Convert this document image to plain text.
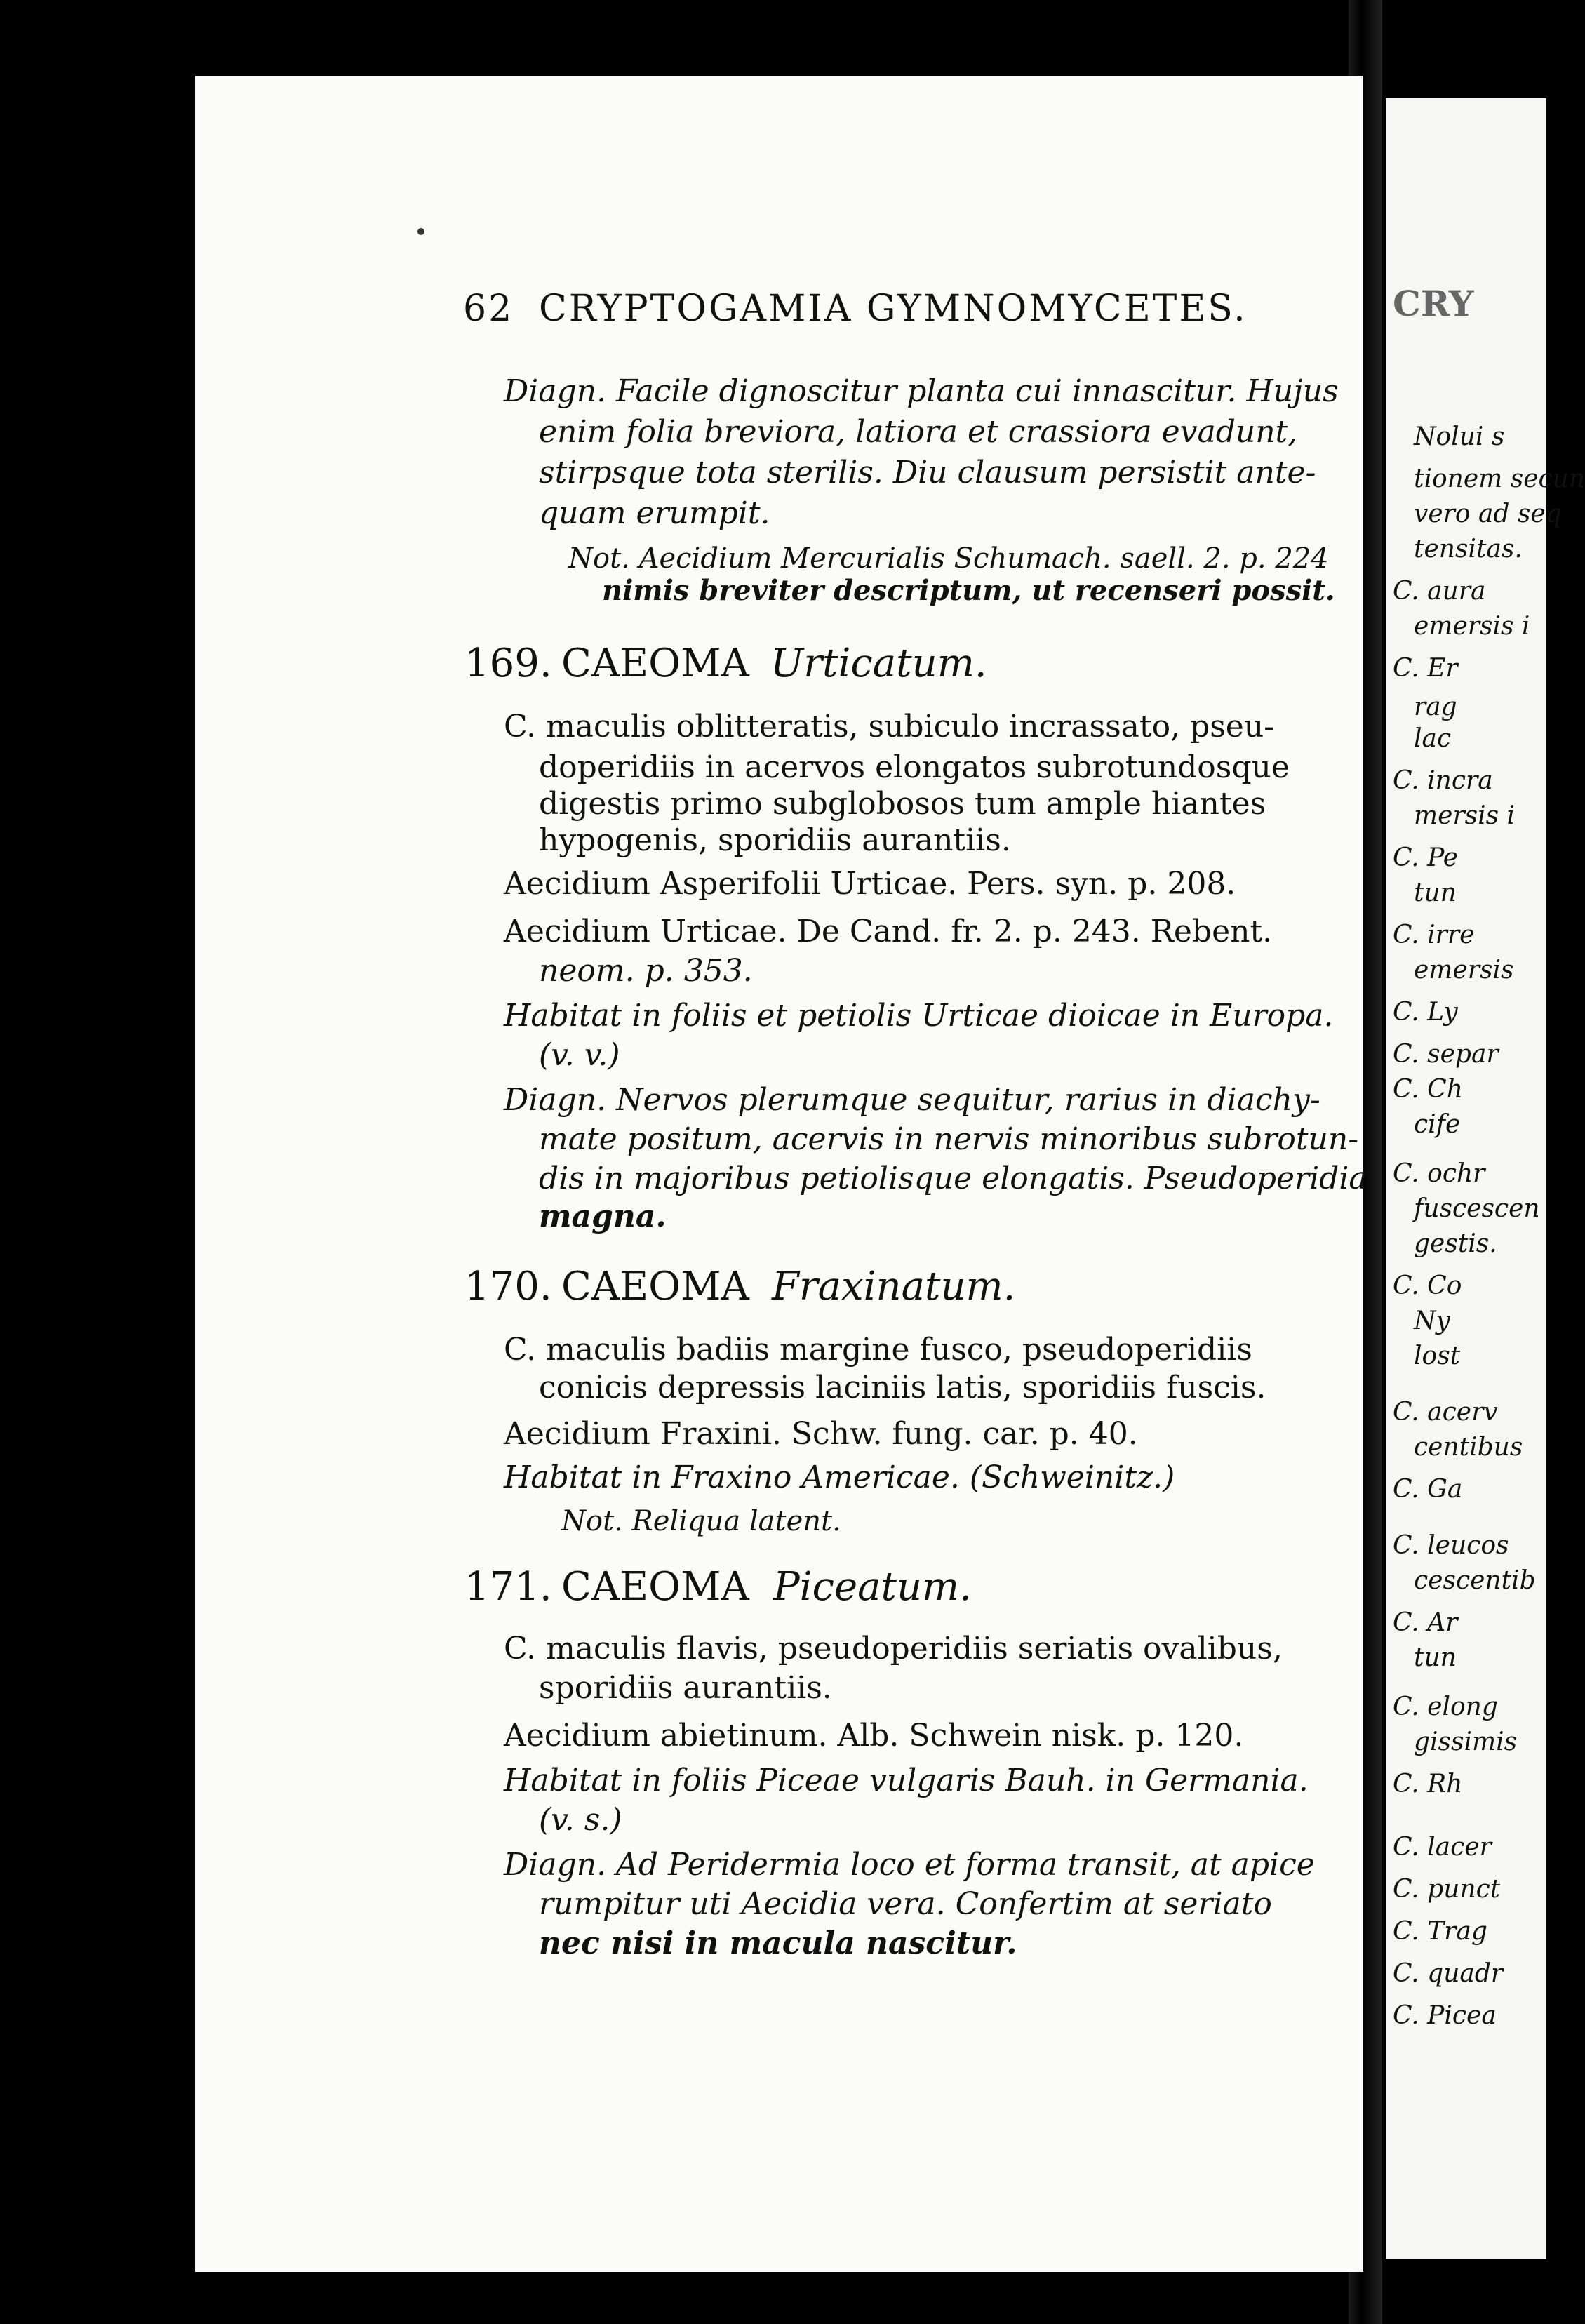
62 CRYPTOGAMIA GYMNOMYCETES.
Diagn. Facile dignoscitur planta cui innascitur. Hujus
enim folia breviora, latiora et crassiora evadunt,
stirpsque tota sterilis. Diu clausum persistit ante-
quam erumpit.
Not. Aecidium Mercurialis Schumach. saell. 2. p. 224
nimis breviter descriptum, ut recenseri possit.
169. CAEOMA Urticatum.
C. maculis oblitteratis, subiculo incrassato, pseu-
doperidiis in acervos elongatos subrotundosque
digestis primo subglobosos tum ample hiantes
hypogenis, sporidiis aurantiis.
Aecidium Asperifolii Urticae. Pers. syn. p. 208.
Aecidium Urticae. De Cand. fr. 2. p. 243. Rebent.
neom. p. 353.
Habitat in foliis et petiolis Urticae dioicae in Europa.
(v. v.)
Diagn. Nervos plerumque sequitur, rarius in diachy-
mate positum, acervis in nervis minoribus subrotun-
dis in majoribus petiolisque elongatis. Pseudoperidia
magna.
170. CAEOMA Fraxinatum.
C. maculis badiis margine fusco, pseudoperidiis
conicis depressis laciniis latis, sporidiis fuscis.
Aecidium Fraxini. Schw. fung. car. p. 40.
Habitat in Fraxino Americae. (Schweinitz.)
Not. Reliqua latent.
171. CAEOMA Piceatum.
C. maculis flavis, pseudoperidiis seriatis ovalibus,
sporidiis aurantiis.
Aecidium abietinum. Alb. Schwein nisk. p. 120.
Habitat in foliis Piceae vulgaris Bauh. in Germania.
(v. s.)
Diagn. Ad Peridermia loco et forma transit, at apice
rumpitur uti Aecidia vera. Confertim at seriato
nec nisi in macula nascitur.
CRY
Nolui s
tionem secun
vero ad seq
tensitas.
C. aura
emersis i
C. Er
rag
lac
C. incra
mersis i
C. Pe
tun
C. irre
emersis
C. Ly
C. separ
C. Ch
cife
C. ochr
fuscescen
gestis.
C. Co
Ny
lost
C. acerv
centibus
C. Ga
C. leucos
cescentib
C. Ar
tun
C. elong
gissimis
C. Rh
C. lacer
C. punct
C. Trag
C. quadr
C. Picea
